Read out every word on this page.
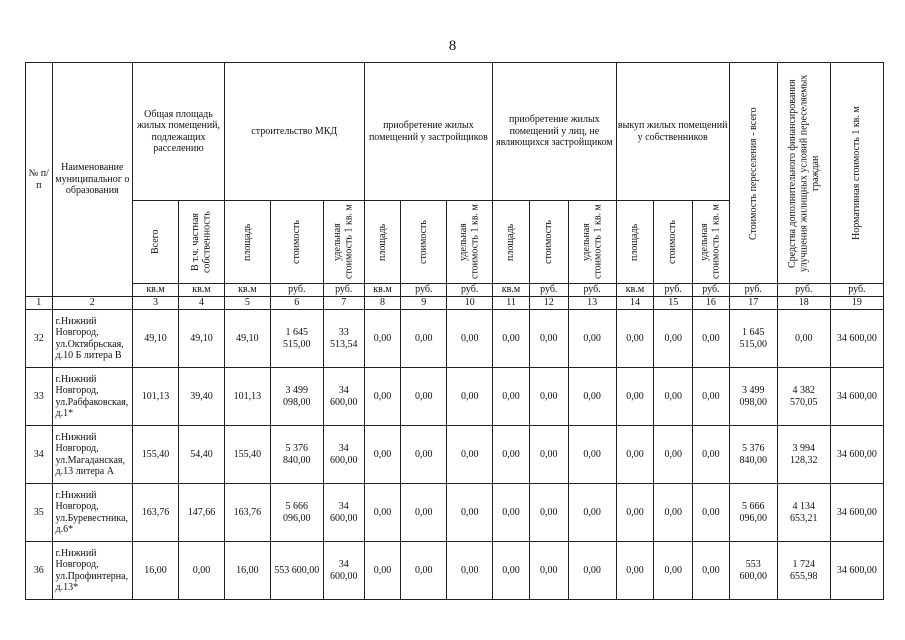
8
№ п/ п	Наименование муниципальног о образования	Общая площадь жилых помещений, подлежащих расселению		строительство МКД			приобретение жилых помещений у застройщиков			приобретение жилых помещений у лиц, не являющихся застройщиком			выкуп жилых помещений у собственников			Стоимость переселения - всего	Средства дополнительного финансирования улучшения жилищных условий переселяемых граждан	Нормативная стоимость 1 кв. м

		Всего	В т.ч. частная собственность	площадь	стоимость	удельная стоимость 1 кв. м	площадь	стоимость	удельная стоимость 1 кв. м	площадь	стоимость	удельная стоимость 1 кв. м	площадь	стоимость	удельная стоимость 1 кв. м			

		кв.м	кв.м	кв.м	руб.	руб.	кв.м	руб.	руб.	кв.м	руб.	руб.	кв.м	руб.	руб.	руб.	руб.	руб.
1	2	3	4	5	6	7	8	9	10	11	12	13	14	15	16	17	18	19
32	г.Нижний Новгород, ул.Октябрьская, д.10 Б литера В	49,10	49,10	49,10	1 645 515,00	33 513,54	0,00	0,00	0,00	0,00	0,00	0,00	0,00	0,00	0,00	1 645 515,00	0,00	34 600,00
33	г.Нижний Новгород, ул.Рабфаковская, д.1*	101,13	39,40	101,13	3 499 098,00	34 600,00	0,00	0,00	0,00	0,00	0,00	0,00	0,00	0,00	0,00	3 499 098,00	4 382 570,05	34 600,00
34	г.Нижний Новгород, ул.Магаданская, д.13 литера А	155,40	54,40	155,40	5 376 840,00	34 600,00	0,00	0,00	0,00	0,00	0,00	0,00	0,00	0,00	0,00	5 376 840,00	3 994 128,32	34 600,00
35	г.Нижний Новгород, ул.Буревестника, д.6*	163,76	147,66	163,76	5 666 096,00	34 600,00	0,00	0,00	0,00	0,00	0,00	0,00	0,00	0,00	0,00	5 666 096,00	4 134 653,21	34 600,00
36	г.Нижний Новгород, ул.Профинтерна, д.13*	16,00	0,00	16,00	553 600,00	34 600,00	0,00	0,00	0,00	0,00	0,00	0,00	0,00	0,00	0,00	553 600,00	1 724 655,98	34 600,00
